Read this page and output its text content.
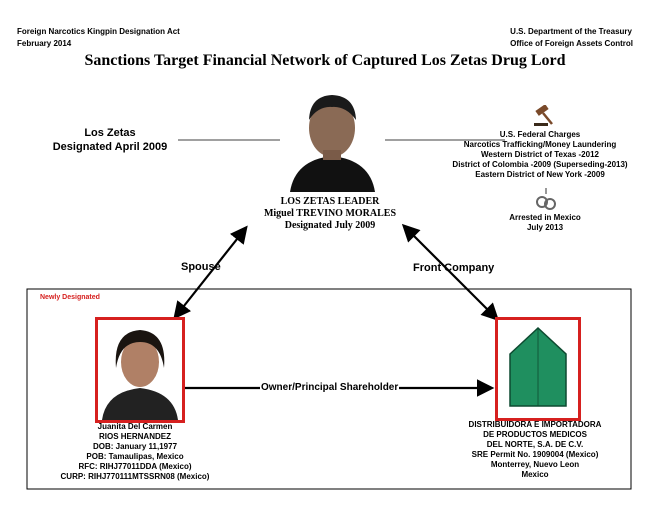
Foreign Narcotics Kingpin Designation Act
February 2014
U.S. Department of the Treasury
Office of Foreign Assets Control
Sanctions Target Financial Network of Captured Los Zetas Drug Lord
Los Zetas
Designated April 2009
LOS ZETAS LEADER
Miguel TREVINO MORALES
Designated July 2009
U.S. Federal Charges
Narcotics Trafficking/Money Laundering
Western District of Texas -2012
District of Colombia -2009 (Superseding-2013)
Eastern District of New York -2009
Arrested in Mexico
July 2013
Spouse	Front Company
Newly Designated
Owner/Principal Shareholder
Juanita Del Carmen
RIOS HERNANDEZ
DOB: January 11,1977
POB: Tamaulipas, Mexico
RFC: RIHJ77011DDA (Mexico)
CURP: RIHJ770111MTSSRN08 (Mexico)
DISTRIBUIDORA E IMPORTADORA
DE PRODUCTOS MEDICOS
DEL NORTE, S.A. DE C.V.
SRE Permit No. 1909004 (Mexico)
Monterrey, Nuevo Leon
Mexico
